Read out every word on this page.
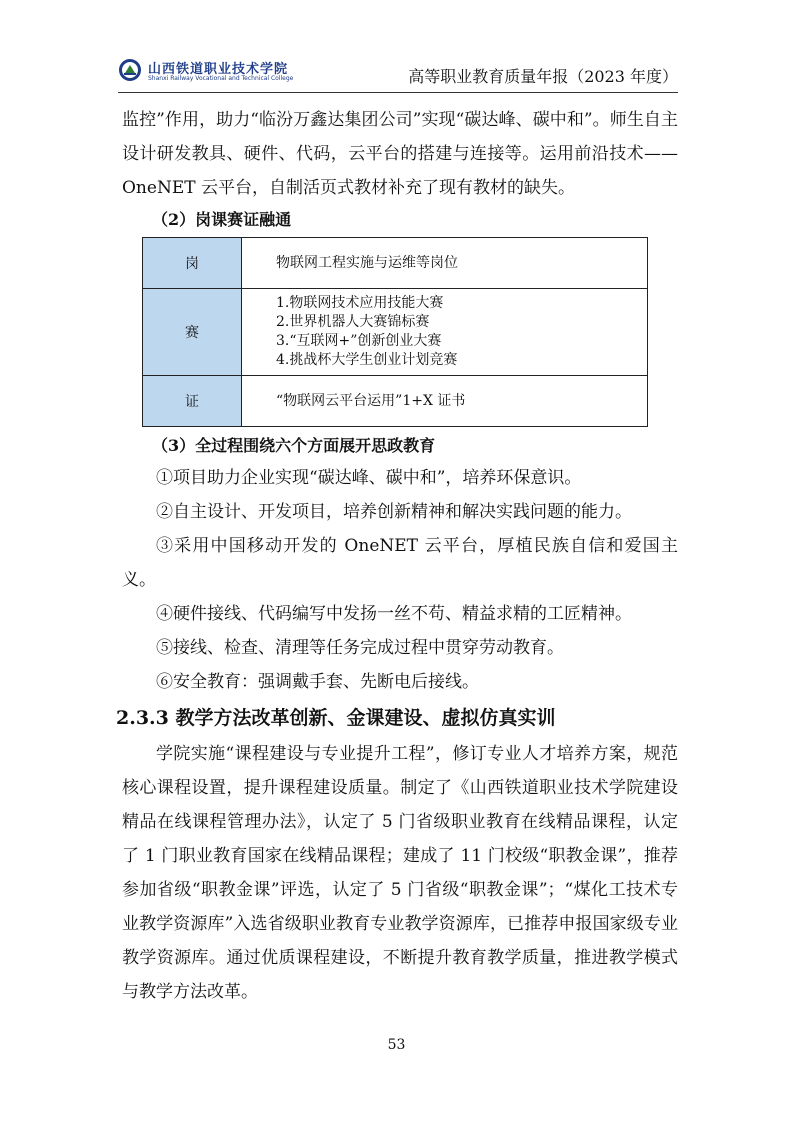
山西铁道职业技术学院
Shanxi Railway Vocational and Technical College	高等职业教育质量年报（2023 年度）

监控”作用，助力“临汾万鑫达集团公司”实现“碳达峰、碳中和”。师生自主设计研发教具、硬件、代码，云平台的搭建与连接等。运用前沿技术——OneNET 云平台，自制活页式教材补充了现有教材的缺失。

（2）岗课赛证融通

岗	物联网工程实施与运维等岗位

赛	1.物联网技术应用技能大赛
2.世界机器人大赛锦标赛
3.“互联网+”创新创业大赛
4.挑战杯大学生创业计划竞赛

证	“物联网云平台运用”1+X 证书

（3）全过程围绕六个方面展开思政教育

①项目助力企业实现“碳达峰、碳中和”，培养环保意识。

②自主设计、开发项目，培养创新精神和解决实践问题的能力。

③采用中国移动开发的 OneNET 云平台，厚植民族自信和爱国主义。

④硬件接线、代码编写中发扬一丝不苟、精益求精的工匠精神。

⑤接线、检查、清理等任务完成过程中贯穿劳动教育。

⑥安全教育：强调戴手套、先断电后接线。

2.3.3 教学方法改革创新、金课建设、虚拟仿真实训

学院实施“课程建设与专业提升工程”，修订专业人才培养方案，规范核心课程设置，提升课程建设质量。制定了《山西铁道职业技术学院建设精品在线课程管理办法》，认定了 5 门省级职业教育在线精品课程，认定了 1 门职业教育国家在线精品课程；建成了 11 门校级“职教金课”，推荐参加省级“职教金课”评选，认定了 5 门省级“职教金课”；“煤化工技术专业教学资源库”入选省级职业教育专业教学资源库，已推荐申报国家级专业教学资源库。通过优质课程建设，不断提升教育教学质量，推进教学模式与教学方法改革。

53
